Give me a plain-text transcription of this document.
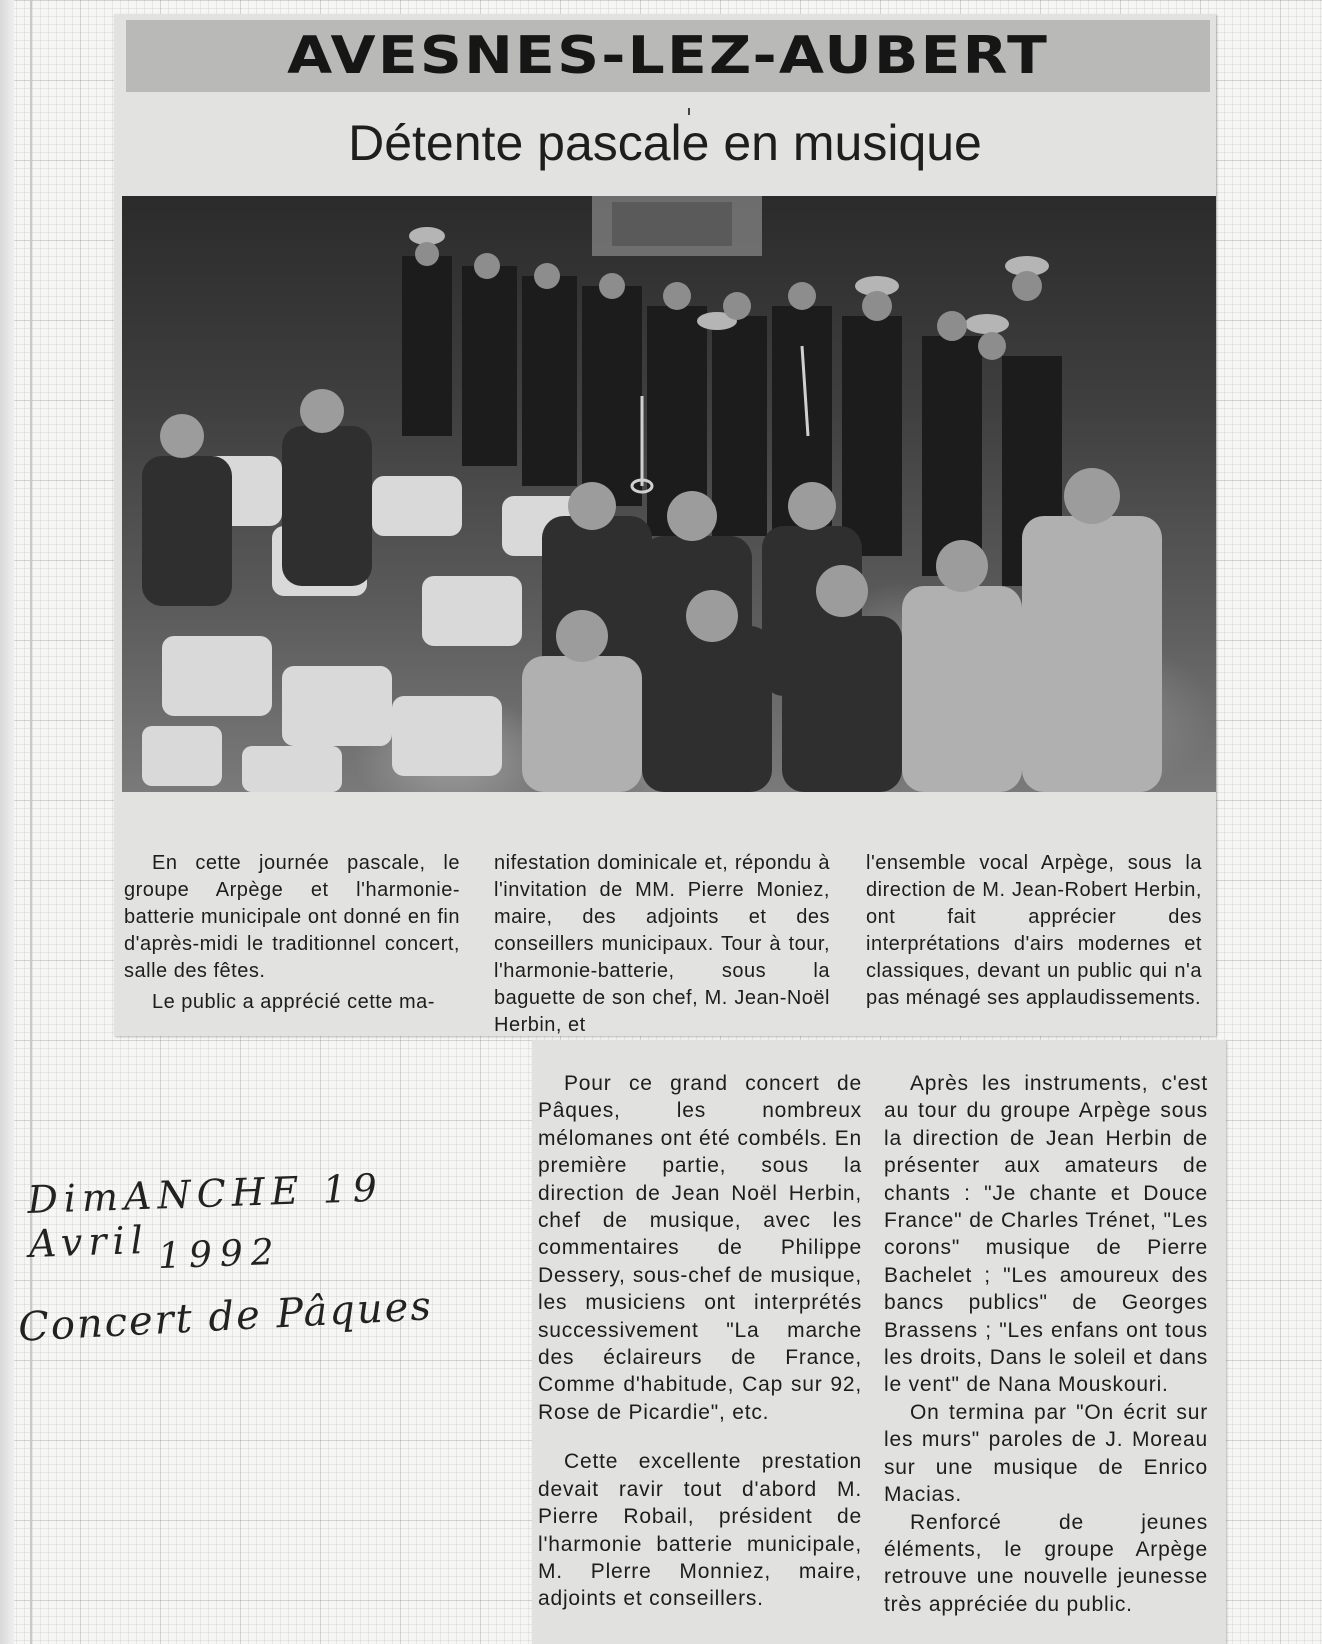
AVESNES-LEZ-AUBERT
Détente pascale en musique

En cette journée pascale, le groupe Arpège et l'harmonie-batterie municipale ont donné en fin d'après-midi le traditionnel concert, salle des fêtes.

Le public a apprécié cette ma-

nifestation dominicale et, répondu à l'invitation de MM. Pierre Moniez, maire, des adjoints et des conseillers municipaux. Tour à tour, l'harmonie-batterie, sous la baguette de son chef, M. Jean-Noël Herbin, et

l'ensemble vocal Arpège, sous la direction de M. Jean-Robert Herbin, ont fait apprécier des interprétations d'airs modernes et classiques, devant un public qui n'a pas ménagé ses applaudissements.

Pour ce grand concert de Pâques, les nombreux mélomanes ont été combéls. En première partie, sous la direction de Jean Noël Herbin, chef de musique, avec les commentaires de Philippe Dessery, sous-chef de musique, les musiciens ont interprétés successivement "La marche des éclaireurs de France, Comme d'habitude, Cap sur 92, Rose de Picardie", etc.

Cette excellente prestation devait ravir tout d'abord M. Pierre Robail, président de l'harmonie batterie municipale, M. Plerre Monniez, maire, adjoints et conseillers.

Après les instruments, c'est au tour du groupe Arpège sous la direction de Jean Herbin de présenter aux amateurs de chants : "Je chante et Douce France" de Charles Trénet, "Les corons" musique de Pierre Bachelet ; "Les amoureux des bancs publics" de Georges Brassens ; "Les enfans ont tous les droits, Dans le soleil et dans le vent" de Nana Mouskouri.

On termina par "On écrit sur les murs" paroles de J. Moreau sur une musique de Enrico Macias.

Renforcé de jeunes éléments, le groupe Arpège retrouve une nouvelle jeunesse très appréciée du public.

DimANCHE 19 Avril 1992
Concert de Pâques
